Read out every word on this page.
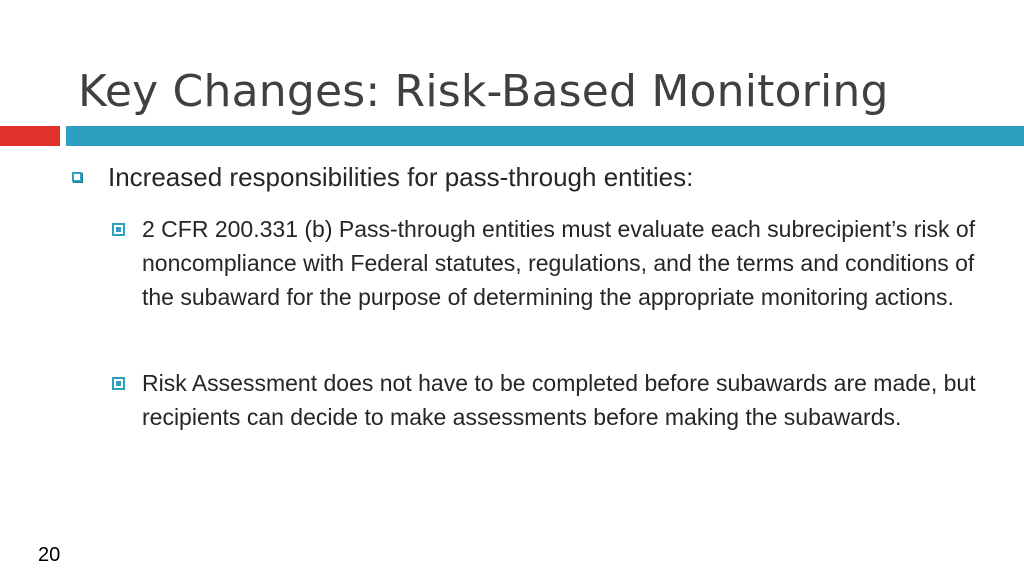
Key Changes: Risk-Based Monitoring
Increased responsibilities for pass-through entities:
2 CFR 200.331 (b) Pass-through entities must evaluate each subrecipient’s risk of noncompliance with Federal statutes, regulations, and the terms and conditions of the subaward for the purpose of determining the appropriate monitoring actions.
Risk Assessment does not have to be completed before subawards are made, but recipients can decide to make assessments before making the subawards.
20
